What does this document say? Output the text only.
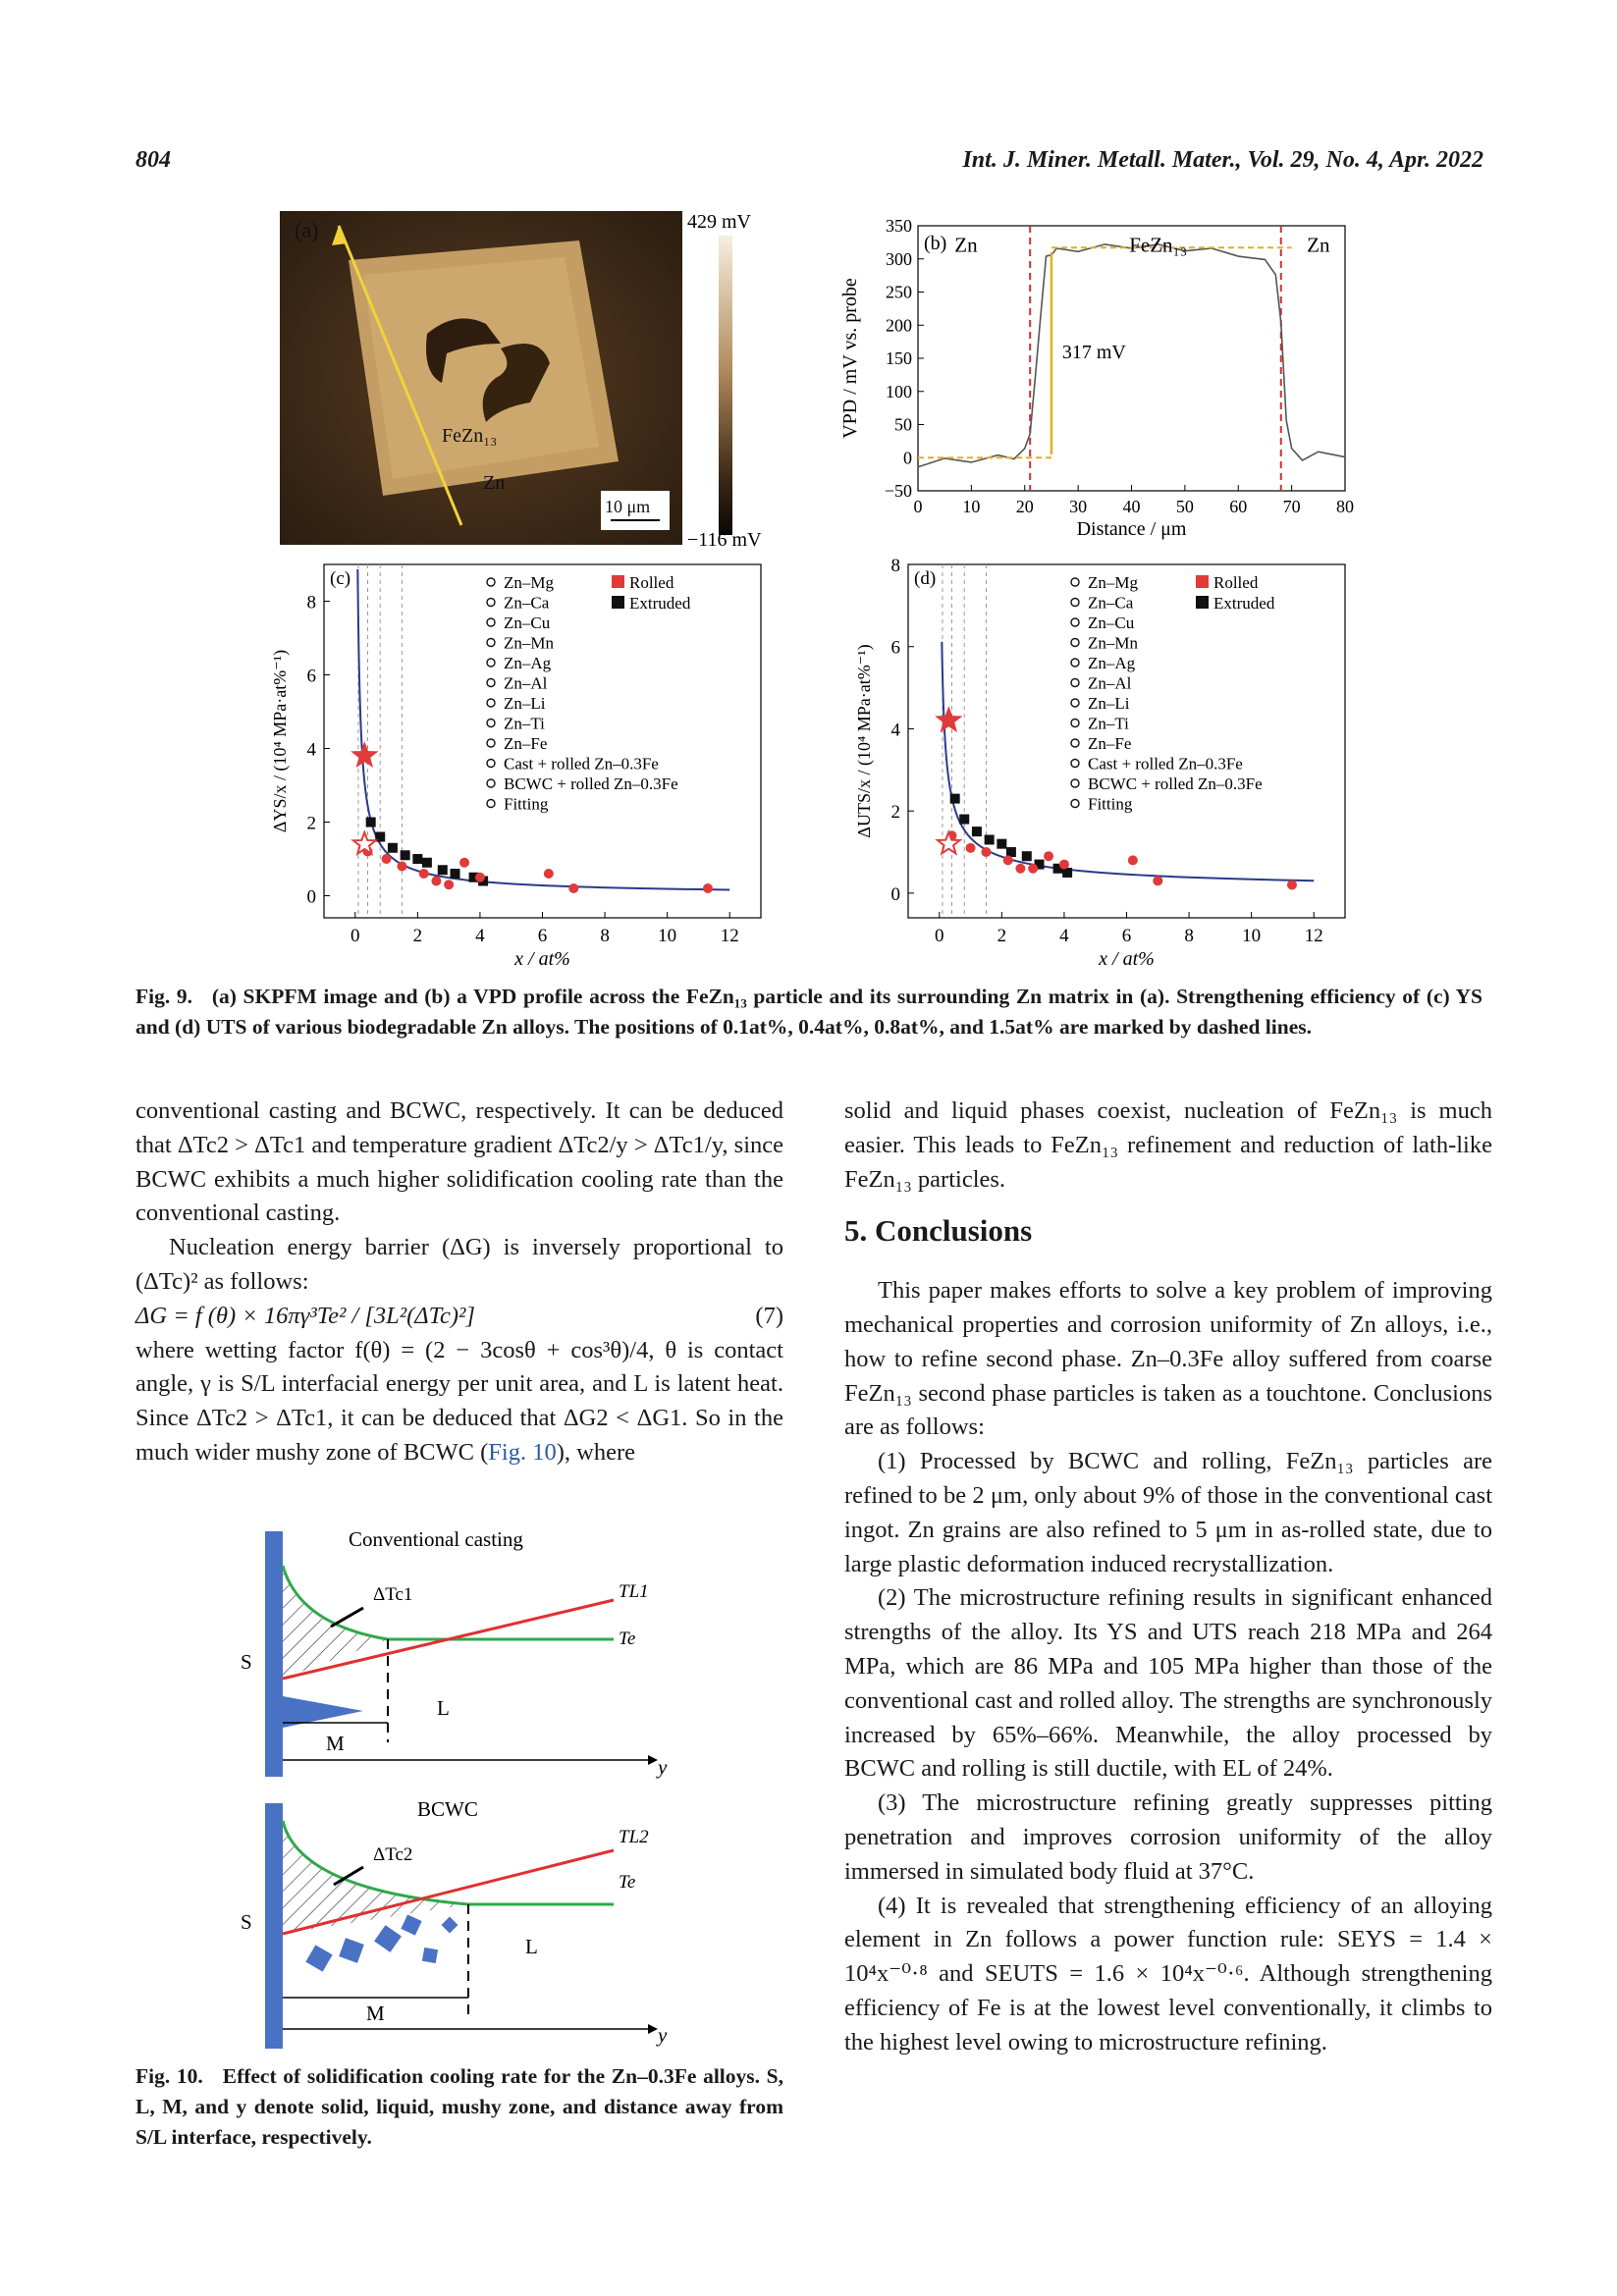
804	Int. J. Miner. Metall. Mater., Vol. 29, No. 4, Apr. 2022
(a)
FeZn₁₃
Zn
10 μm
429 mV
−116 mV
0 10 20 30 40 50 60 70 80
−50
0
50
100
150
200
250
300
350
(b) Zn	FeZn₁₃	Zn
317 mV
Distance / μm
VPD / mV vs. probe
0	2	4	6	8	10 12
0
2
4
6
8
(c)
x / at%
ΔYS/x / (10⁴ MPa·at%⁻¹)
Zn–Mg
Zn–Ca
Zn–Cu
Zn–Mn
Zn–Ag
Zn–Al
Zn–Li
Zn–Ti
Zn–Fe
Cast + rolled Zn–0.3Fe
BCWC + rolled Zn–0.3Fe
Fitting
Rolled
Extruded
0	2	4	6	8	10 12
0
2
4
6
8
(d)
x / at%
ΔUTS/x / (10⁴ MPa·at%⁻¹)
Zn–Mg
Zn–Ca
Zn–Cu
Zn–Mn
Zn–Ag
Zn–Al
Zn–Li
Zn–Ti
Zn–Fe
Cast + rolled Zn–0.3Fe
BCWC + rolled Zn–0.3Fe
Fitting
Rolled
Extruded
Fig. 9. (a) SKPFM image and (b) a VPD profile across the FeZn₁₃ particle and its surrounding Zn matrix in (a). Strengthening efficiency of (c) YS and (d) UTS of various biodegradable Zn alloys. The positions of 0.1at%, 0.4at%, 0.8at%, and 1.5at% are marked by dashed lines.

conventional casting and BCWC, respectively. It can be deduced that ΔTc2 > ΔTc1 and temperature gradient ΔTc2/y > ΔTc1/y, since BCWC exhibits a much higher solidification cooling rate than the conventional casting.

Nucleation energy barrier (ΔG) is inversely proportional to (ΔTc)² as follows:

ΔG = f (θ) × 16πγ³Te² / [3L²(ΔTc)²]	(7)

where wetting factor f(θ) = (2 − 3cosθ + cos³θ)/4, θ is contact angle, γ is S/L interfacial energy per unit area, and L is latent heat. Since ΔTc2 > ΔTc1, it can be deduced that ΔG2 < ΔG1. So in the much wider mushy zone of BCWC (Fig. 10), where

Conventional casting
S
L
M
y
ΔTc1	TL1
Te
BCWC
S
L
M
y
ΔTc2
TL2
Te
Fig. 10. Effect of solidification cooling rate for the Zn–0.3Fe alloys. S, L, M, and y denote solid, liquid, mushy zone, and distance away from S/L interface, respectively.

solid and liquid phases coexist, nucleation of FeZn₁₃ is much easier. This leads to FeZn₁₃ refinement and reduction of lath-like FeZn₁₃ particles.

5. Conclusions

This paper makes efforts to solve a key problem of improving mechanical properties and corrosion uniformity of Zn alloys, i.e., how to refine second phase. Zn–0.3Fe alloy suffered from coarse FeZn₁₃ second phase particles is taken as a touchtone. Conclusions are as follows:

(1) Processed by BCWC and rolling, FeZn₁₃ particles are refined to be 2 μm, only about 9% of those in the conventional cast ingot. Zn grains are also refined to 5 μm in as-rolled state, due to large plastic deformation induced recrystallization.

(2) The microstructure refining results in significant enhanced strengths of the alloy. Its YS and UTS reach 218 MPa and 264 MPa, which are 86 MPa and 105 MPa higher than those of the conventional cast and rolled alloy. The strengths are synchronously increased by 65%–66%. Meanwhile, the alloy processed by BCWC and rolling is still ductile, with EL of 24%.

(3) The microstructure refining greatly suppresses pitting penetration and improves corrosion uniformity of the alloy immersed in simulated body fluid at 37°C.

(4) It is revealed that strengthening efficiency of an alloying element in Zn follows a power function rule: SEYS = 1.4 × 10⁴x⁻⁰·⁸ and SEUTS = 1.6 × 10⁴x⁻⁰·⁶. Although strengthening efficiency of Fe is at the lowest level conventionally, it climbs to the highest level owing to microstructure refining.
